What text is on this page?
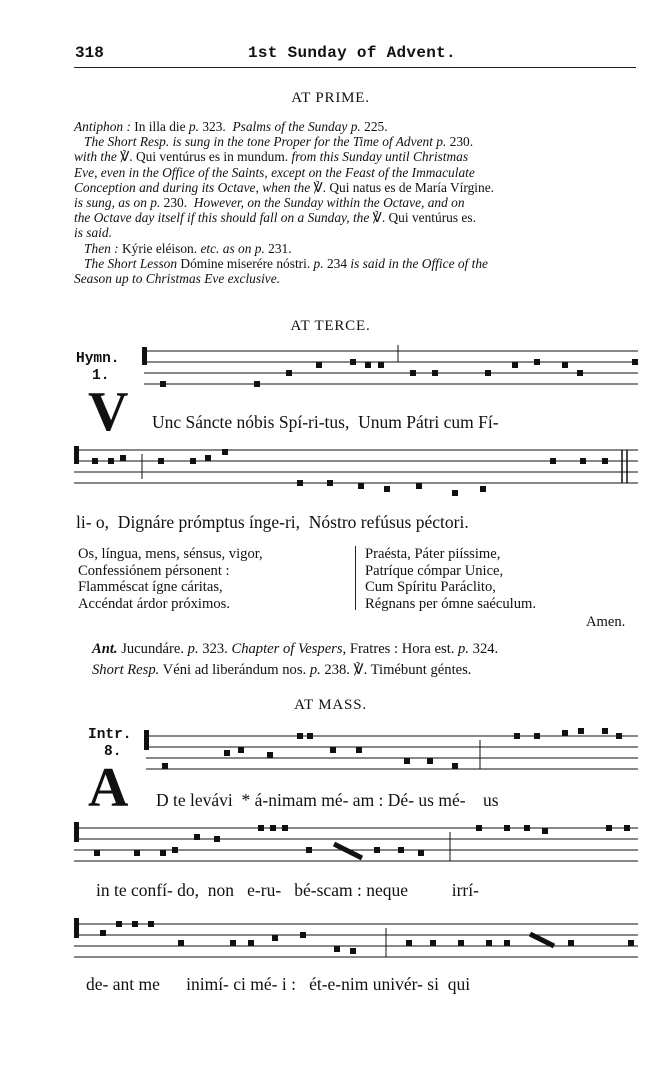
318	1st Sunday of Advent.
AT PRIME.
Antiphon : In illa die p. 323.  Psalms of the Sunday p. 225.
The Short Resp. is sung in the tone Proper for the Time of Advent p. 230.
with the ℣. Qui ventúrus es in mundum. from this Sunday until Christmas
Eve, even in the Office of the Saints, except on the Feast of the Immaculate
Conception and during its Octave, when the ℣. Qui natus es de María Vírgine.
is sung, as on p. 230.  However, on the Sunday within the Octave, and on
the Octave day itself if this should fall on a Sunday, the ℣. Qui ventúrus es.
is said.
Then : Kýrie eléison. etc. as on p. 231.
The Short Lesson Dómine miserére nóstri. p. 234 is said in the Office of the
Season up to Christmas Eve exclusive.
AT TERCE.
Hymn.
1.
V Unc Sáncte nóbis Spí-ri-tus,  Unum Pátri cum Fí-
li- o,  Dignáre prómptus ínge-ri,  Nóstro refúsus péctori.
Os, língua, mens, sénsus, vigor,
Confessiónem pérsonent :
Flamméscat ígne cáritas,
Accéndat árdor próximos.
Praésta, Páter piíssime,
Patríque cómpar Unice,
Cum Spíritu Paráclito,
Régnans per ómne saéculum.
Amen.
Ant. Jucundáre. p. 323. Chapter of Vespers, Fratres : Hora est. p. 324.
Short Resp. Véni ad liberándum nos. p. 238. ℣. Timébunt géntes.
AT MASS.
Intr.
8.
A D te levávi  * á-nimam mé- am : Dé- us mé-    us
in te confí- do,  non   e-ru-   bé-scam : neque          irrí-
de- ant me      inimí- ci mé- i :   ét-e-nim univér- si  qui
